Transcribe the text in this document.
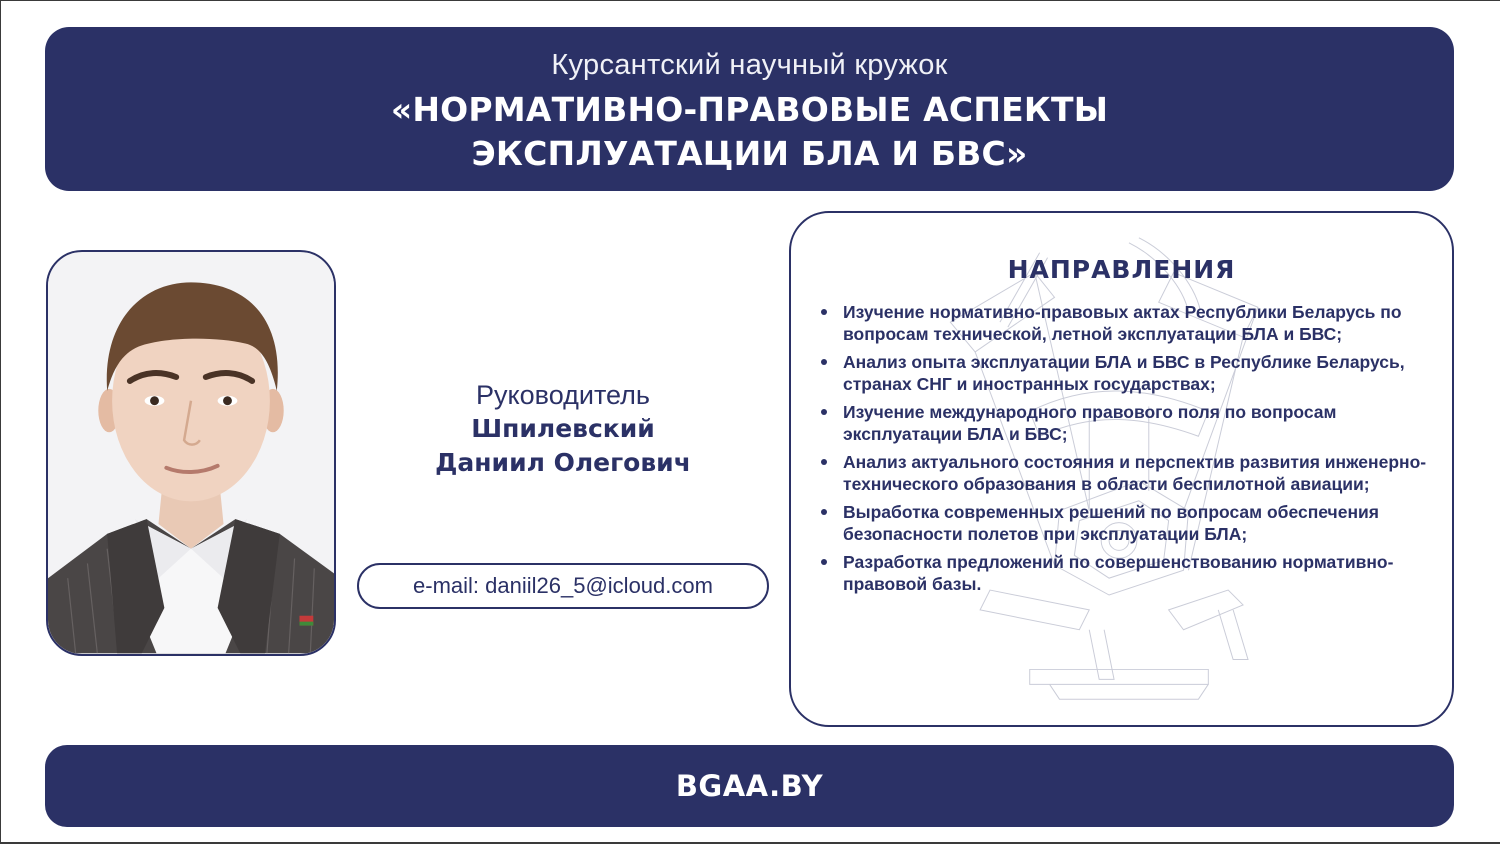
Курсантский научный кружок
«НОРМАТИВНО-ПРАВОВЫЕ АСПЕКТЫ
ЭКСПЛУАТАЦИИ БЛА И БВС»
Руководитель
Шпилевский
Даниил Олегович
e-mail: daniil26_5@icloud.com
НАПРАВЛЕНИЯ
Изучение нормативно-правовых актах Республики Беларусь по вопросам технической, летной эксплуатации БЛА и БВС;
Анализ опыта эксплуатации БЛА и БВС в Республике Беларусь, странах СНГ и иностранных государствах;
Изучение международного правового поля по вопросам эксплуатации БЛА и БВС;
Анализ актуального состояния и перспектив развития инженерно-технического образования в области беспилотной авиации;
Выработка современных решений по вопросам обеспечения безопасности полетов при эксплуатации БЛА;
Разработка предложений по совершенствованию нормативно-правовой базы.
BGAA.BY
